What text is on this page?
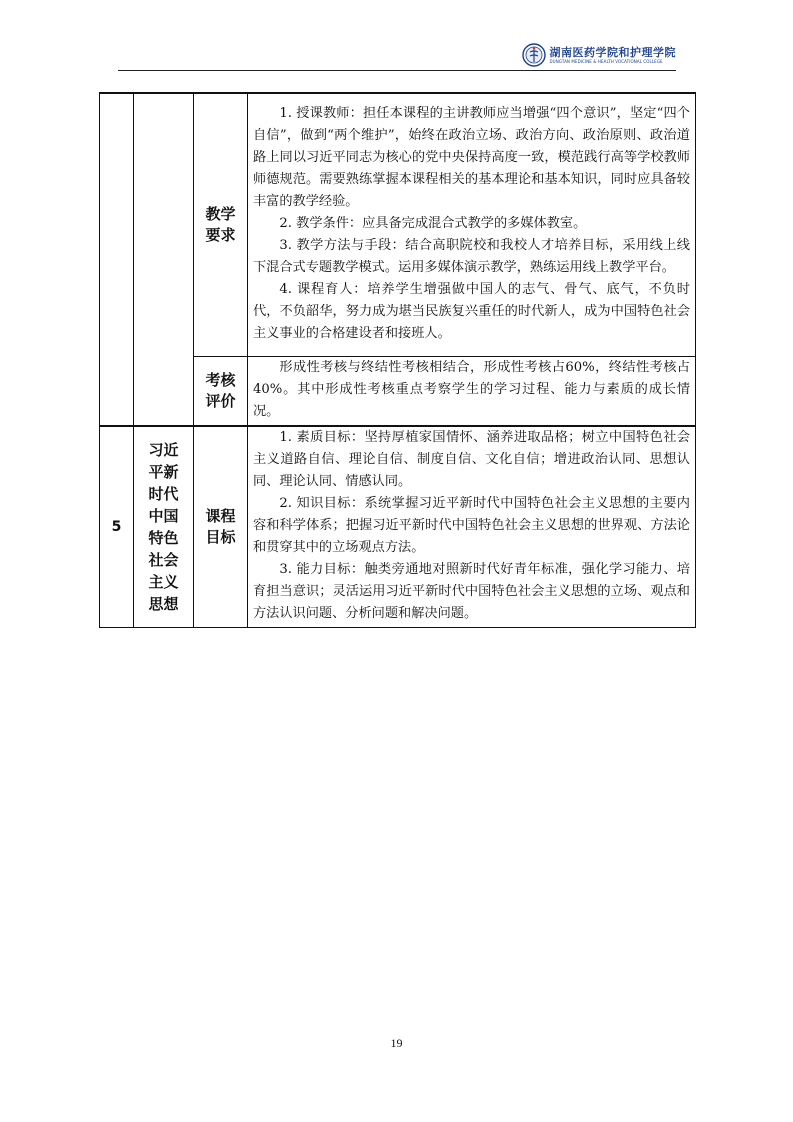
湖南医药学院和护理学院
DUNGTAN MEDICINE & HEALTH VOCATIONAL COLLEGE
		教学要求	1. 授课教师：担任本课程的主讲教师应当增强“四个意识”，坚定“四个自信”，做到“两个维护”，始终在政治立场、政治方向、政治原则、政治道路上同以习近平同志为核心的党中央保持高度一致，模范践行高等学校教师师德规范。需要熟练掌握本课程相关的基本理论和基本知识，同时应具备较丰富的教学经验。

2. 教学条件：应具备完成混合式教学的多媒体教室。

3. 教学方法与手段：结合高职院校和我校人才培养目标，采用线上线下混合式专题教学模式。运用多媒体演示教学，熟练运用线上教学平台。

4. 课程育人：培养学生增强做中国人的志气、骨气、底气，不负时代，不负韶华，努力成为堪当民族复兴重任的时代新人，成为中国特色社会主义事业的合格建设者和接班人。

		考核评价	形成性考核与终结性考核相结合，形成性考核占60%，终结性考核占40%。其中形成性考核重点考察学生的学习过程、能力与素质的成长情况。

5	习近平新时代中国特色社会主义思想	课程目标	1. 素质目标：坚持厚植家国情怀、涵养进取品格；树立中国特色社会主义道路自信、理论自信、制度自信、文化自信；增进政治认同、思想认同、理论认同、情感认同。

2. 知识目标：系统掌握习近平新时代中国特色社会主义思想的主要内容和科学体系；把握习近平新时代中国特色社会主义思想的世界观、方法论和贯穿其中的立场观点方法。

3. 能力目标：触类旁通地对照新时代好青年标准，强化学习能力、培育担当意识；灵活运用习近平新时代中国特色社会主义思想的立场、观点和方法认识问题、分析问题和解决问题。

19
